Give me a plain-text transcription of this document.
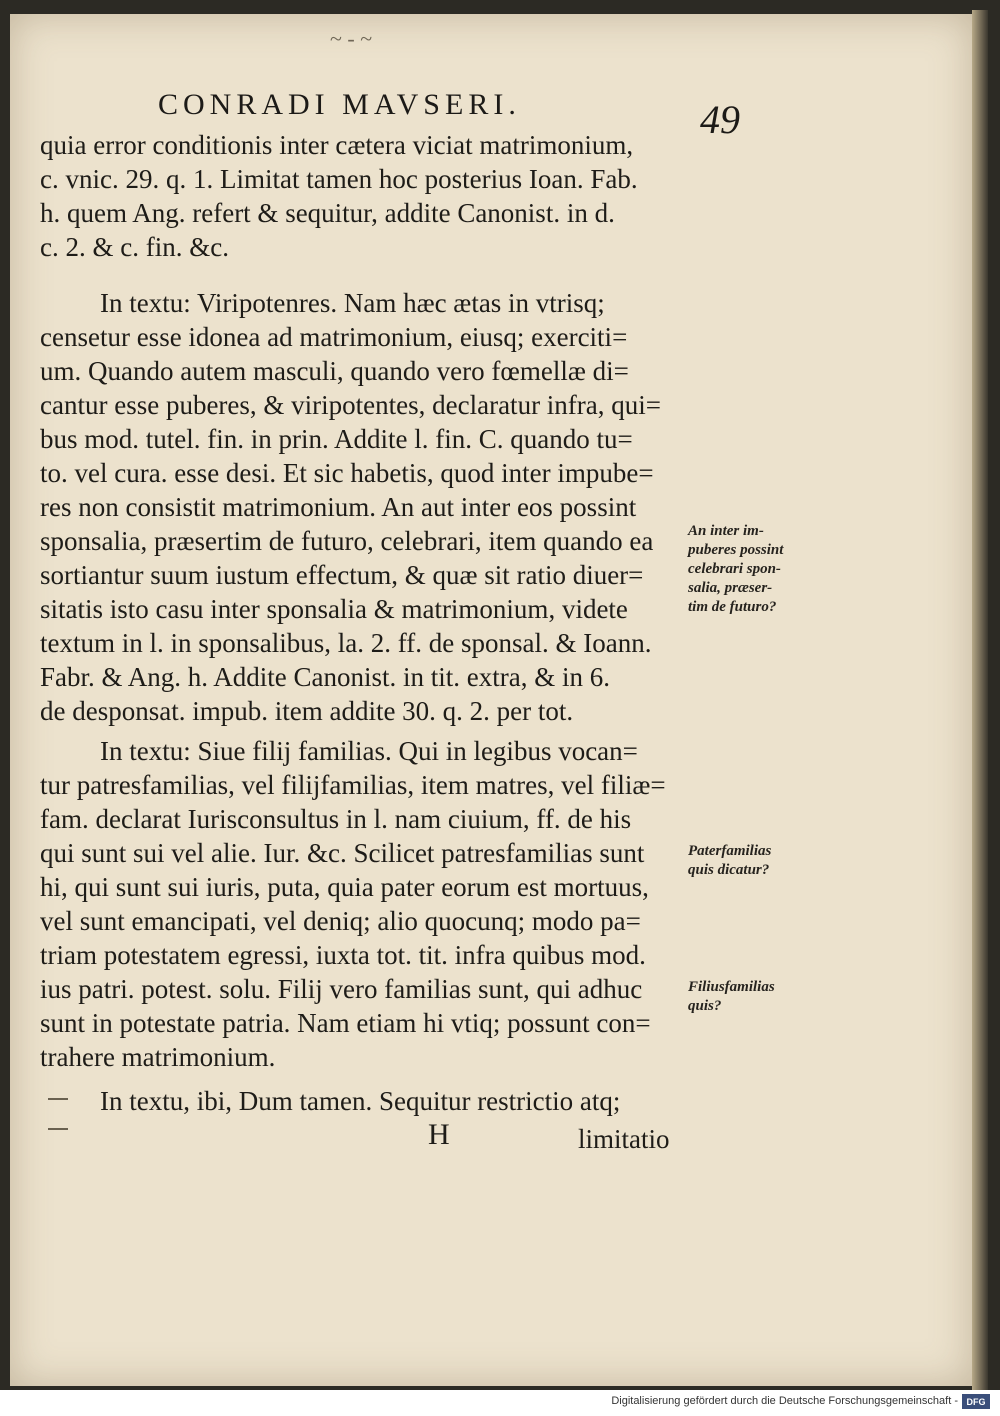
~ - ~
CONRADI MAVSERI.	49
quia error conditionis inter cætera viciat matrimonium,
c. vnic. 29. q. 1. Limitat tamen hoc posterius Ioan. Fab.
h. quem Ang. refert & sequitur, addite Canonist. in d.
c. 2. & c. fin. &c.
In textu: Viripotenres. Nam hæc ætas in vtrisq;
censetur esse idonea ad matrimonium, eiusq; exerciti=
um. Quando autem masculi, quando vero fœmellæ di=
cantur esse puberes, & viripotentes, declaratur infra, qui=
bus mod. tutel. fin. in prin. Addite l. fin. C. quando tu=
to. vel cura. esse desi. Et sic habetis, quod inter impube=
res non consistit matrimonium. An aut inter eos possint
sponsalia, præsertim de futuro, celebrari, item quando ea
sortiantur suum iustum effectum, & quæ sit ratio diuer=
sitatis isto casu inter sponsalia & matrimonium, videte
textum in l. in sponsalibus, la. 2. ff. de sponsal. & Ioann.
Fabr. & Ang. h. Addite Canonist. in tit. extra, & in 6.
de desponsat. impub. item addite 30. q. 2. per tot.
In textu: Siue filij familias. Qui in legibus vocan=
tur patresfamilias, vel filijfamilias, item matres, vel filiæ=
fam. declarat Iurisconsultus in l. nam ciuium, ff. de his
qui sunt sui vel alie. Iur. &c. Scilicet patresfamilias sunt
hi, qui sunt sui iuris, puta, quia pater eorum est mortuus,
vel sunt emancipati, vel deniq; alio quocunq; modo pa=
triam potestatem egressi, iuxta tot. tit. infra quibus mod.
ius patri. potest. solu. Filij vero familias sunt, qui adhuc
sunt in potestate patria. Nam etiam hi vtiq; possunt con=
trahere matrimonium.
In textu, ibi, Dum tamen. Sequitur restrictio atq;
An inter im-
puberes possint
celebrari spon-
salia, præser-
tim de futuro?
Paterfamilias
quis dicatur?
Filiusfamilias
quis?
H	limitatio
Digitalisierung gefördert durch die Deutsche Forschungsgemeinschaft - DFG
